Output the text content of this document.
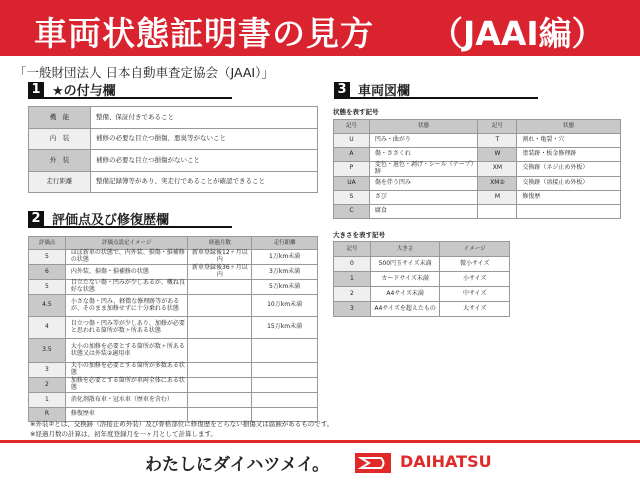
車両状態証明書の見方 （JAAI編）
「一般財団法人 日本自動車査定協会（JAAI）」
1 ★の付与欄
機　能	整備、保証付きであること
内　装	補修の必要な目立つ損傷、悪臭等がないこと
外　装	補修の必要な目立つ損傷がないこと
走行距離	整備記録簿等があり、実走行であることが確認できること
2 評価点及び修復歴欄
評価点	評価点設定イメージ	経過月数	走行距離
5	ほぼ新車の状態で、内外装、損傷・損補修の状態	新車登録後12ヶ月以内	1万km未満
6	内外装、損傷・損補修の状態	新車登録後36ヶ月以内	3万km未満
5	目立たない傷・凹みが少しあるが、概ね良好な状態		5万km未満
4.5	小さな傷・凹み、軽微な修理跡等があるが、そのまま加修せずに十分乗れる状態		10万km未満
4	目立つ傷・凹み等が少しあり、加修が必要と思われる箇所が数ヶ所ある状態		15万km未満
3.5	大小の加修を必要とする箇所が数ヶ所ある状態又は外装②適用車		
3	大小の加修を必要とする箇所が多数ある状態		
2	加修を必要とする箇所が車両全体にある状態		
1	消化剤散布車・冠水車（歴車を含む）		
R	修復歴車		
※外装②とは、交換跡（溶接止め外装）及び骨格部位に修復歴をとらない損傷又は腐蝕があるものです。
※経過月数の計算は、初年度登録月を一ヶ月として計算します。
3 車両図欄
状態を表す記号
記号	状態	記号	状態
U	凹み・曲がり	T	割れ・亀裂・穴
A	傷・ささくれ	W	塗装跡・板金修理跡
P	変色・退色・剥げ・シール（テープ）跡	XM	交換跡（ネジ止め外板）
UA	傷を伴う凹み	XM②	交換跡（溶接止め外板）
S	さび	M	修復歴
C	腐食		
大きさを表す記号
記号	大きさ	イメージ
0	500円玉サイズ未満	微小サイズ
1	カードサイズ未満	小サイズ
2	A4サイズ未満	中サイズ
3	A4サイズを超えたもの	大サイズ
わたしにダイハツメイ。	DAIHATSU
